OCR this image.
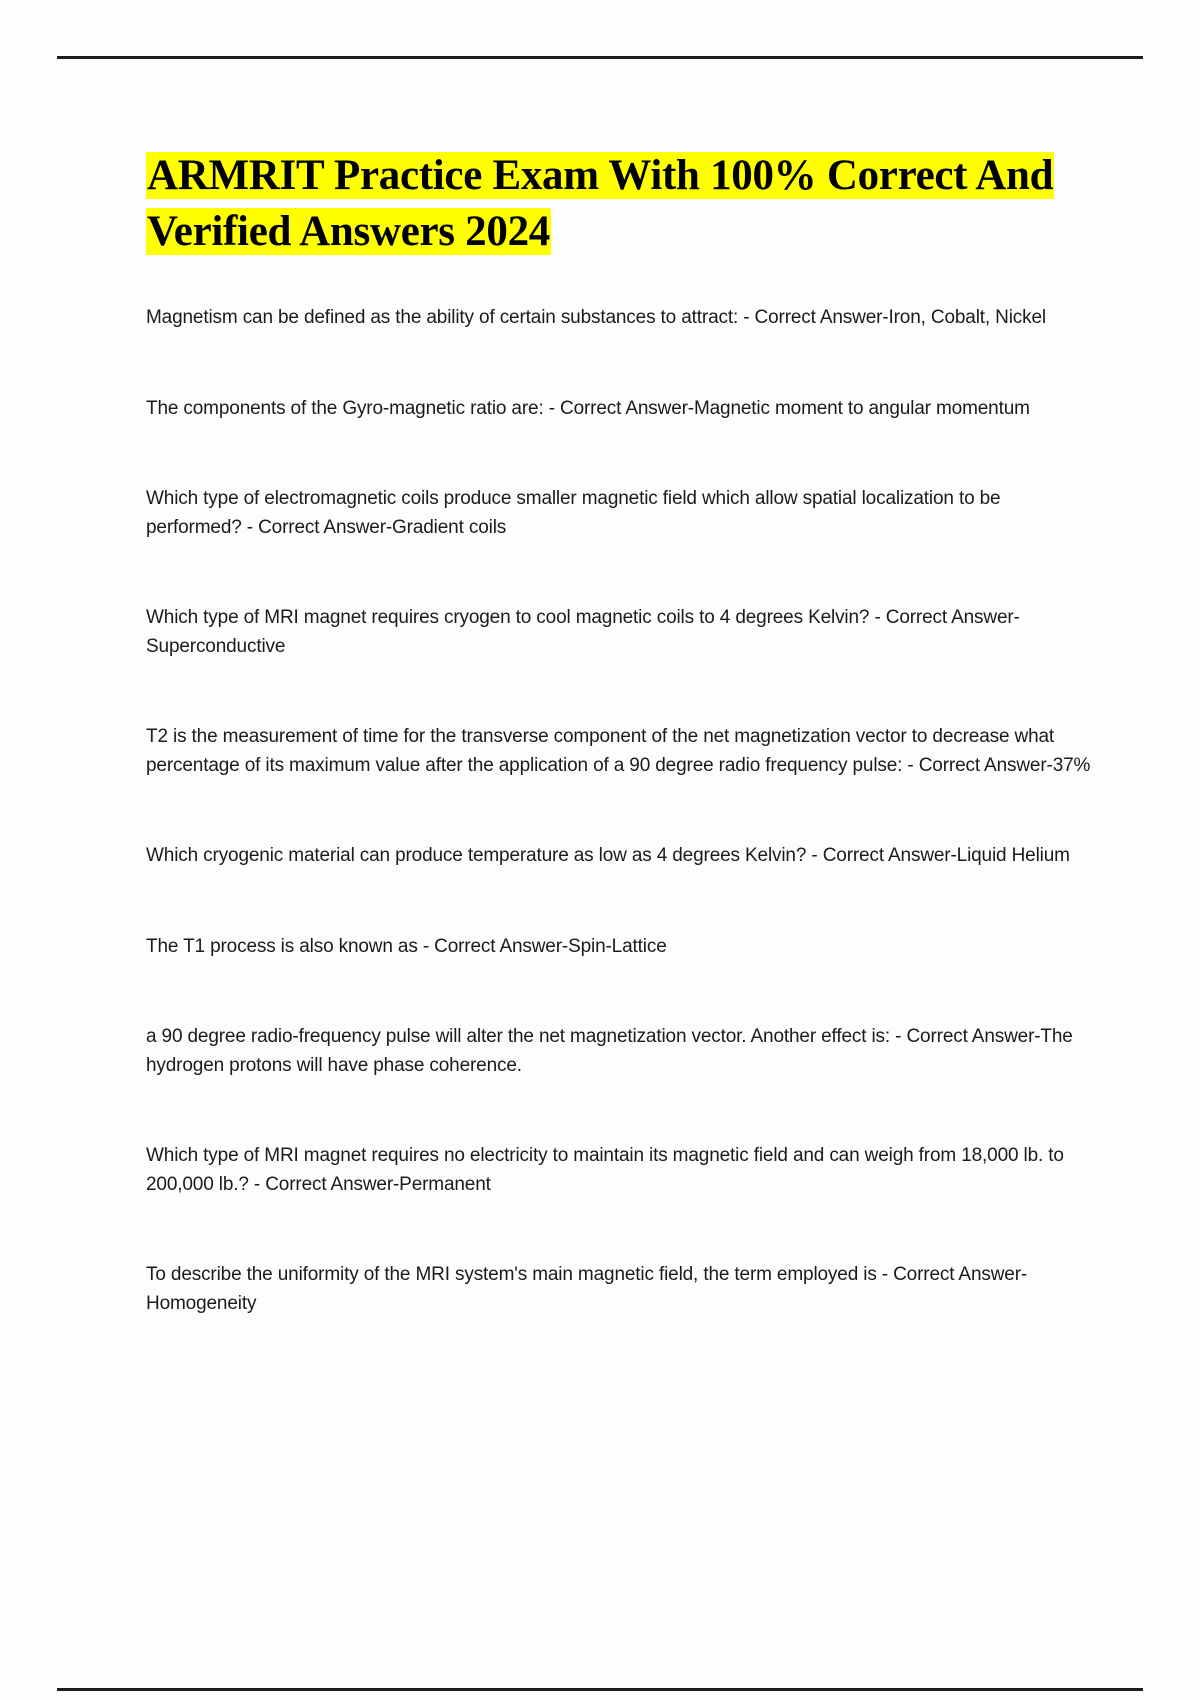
ARMRIT Practice Exam With 100% Correct And Verified Answers 2024

Magnetism can be defined as the ability of certain substances to attract: - Correct Answer-Iron, Cobalt, Nickel

The components of the Gyro-magnetic ratio are: - Correct Answer-Magnetic moment to angular momentum

Which type of electromagnetic coils produce smaller magnetic field which allow spatial localization to be performed? - Correct Answer-Gradient coils

Which type of MRI magnet requires cryogen to cool magnetic coils to 4 degrees Kelvin? - Correct Answer-Superconductive

T2 is the measurement of time for the transverse component of the net magnetization vector to decrease what percentage of its maximum value after the application of a 90 degree radio frequency pulse: - Correct Answer-37%

Which cryogenic material can produce temperature as low as 4 degrees Kelvin? - Correct Answer-Liquid Helium

The T1 process is also known as - Correct Answer-Spin-Lattice

a 90 degree radio-frequency pulse will alter the net magnetization vector. Another effect is: - Correct Answer-The hydrogen protons will have phase coherence.

Which type of MRI magnet requires no electricity to maintain its magnetic field and can weigh from 18,000 lb. to 200,000 lb.? - Correct Answer-Permanent

To describe the uniformity of the MRI system's main magnetic field, the term employed is - Correct Answer-Homogeneity
